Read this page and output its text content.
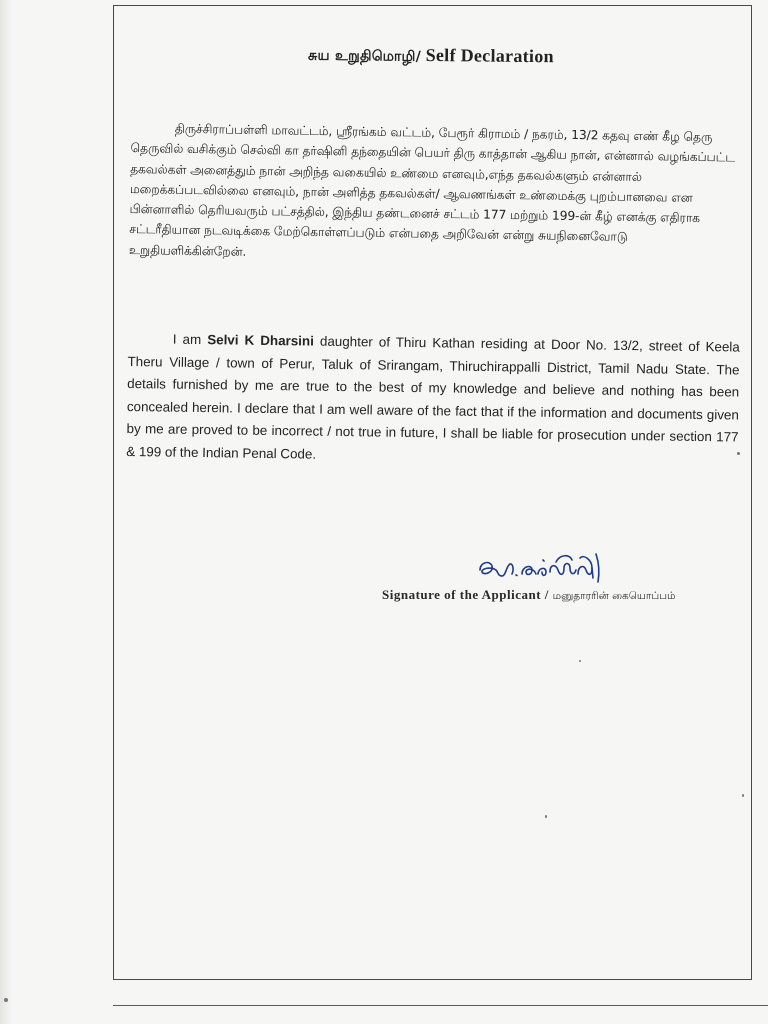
சுய உறுதிமொழி/ Self Declaration
திருச்சிராப்பள்ளி மாவட்டம், ஸ்ரீரங்கம் வட்டம், பேரூர் கிராமம் / நகரம், 13/2 கதவு எண் கீழ தெரு தெருவில் வசிக்கும் செல்வி கா தர்ஷினி தந்தையின் பெயர் திரு காத்தான் ஆகிய நான், என்னால் வழங்கப்பட்ட தகவல்கள் அனைத்தும் நான் அறிந்த வகையில் உண்மை எனவும்,எந்த தகவல்களும் என்னால் மறைக்கப்படவில்லை எனவும், நான் அளித்த தகவல்கள்/ ஆவணங்கள் உண்மைக்கு புறம்பானவை என பின்னாளில் தெரியவரும் பட்சத்தில், இந்திய தண்டனைச் சட்டம் 177 மற்றும் 199-ன் கீழ் எனக்கு எதிராக சட்டரீதியான நடவடிக்கை மேற்கொள்ளப்படும் என்பதை அறிவேன் என்று சுயநினைவோடு உறுதியளிக்கின்றேன்.
I am Selvi K Dharsini daughter of Thiru Kathan residing at Door No. 13/2, street of Keela Theru Village / town of Perur, Taluk of Srirangam, Thiruchirappalli District, Tamil Nadu State. The details furnished by me are true to the best of my knowledge and believe and nothing has been concealed herein. I declare that I am well aware of the fact that if the information and documents given by me are proved to be incorrect / not true in future, I shall be liable for prosecution under section 177 & 199 of the Indian Penal Code.
Signature of the Applicant / மனுதாரரின் கையொப்பம்
